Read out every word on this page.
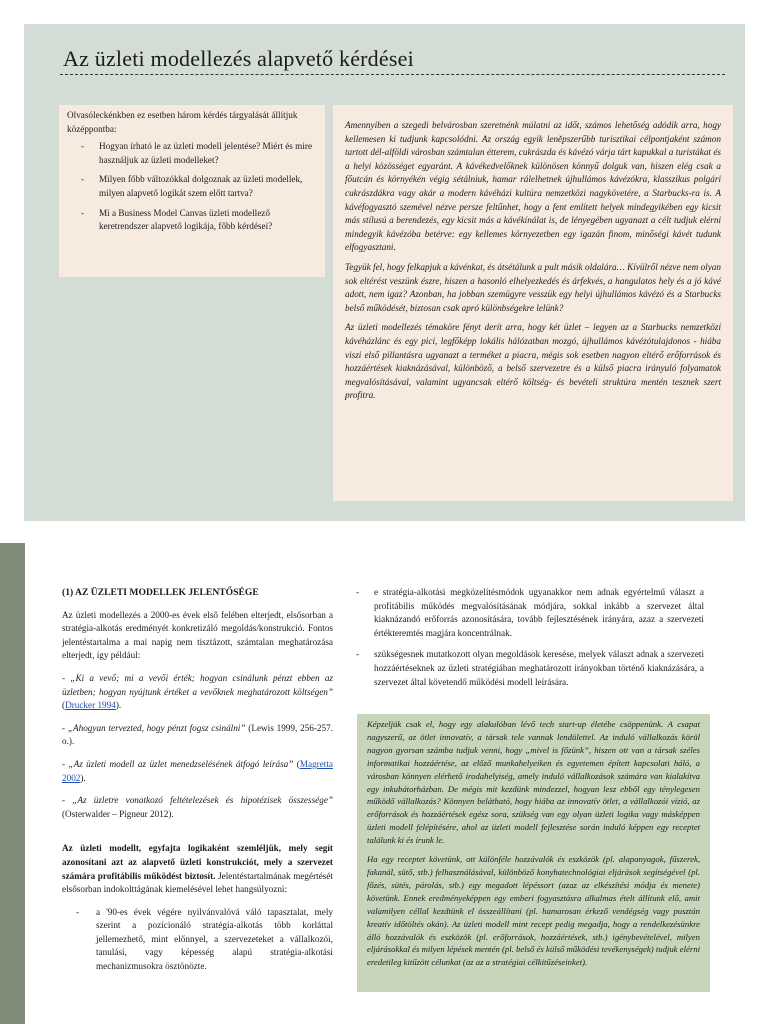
Az üzleti modellezés alapvető kérdései

Olvasóleckénkben ez esetben három kérdés tárgyalását állítjuk középpontba:

- Hogyan írható le az üzleti modell jelentése? Miért és mire használjuk az üzleti modelleket?
- Milyen főbb változókkal dolgoznak az üzleti modellek, milyen alapvető logikát szem előtt tartva?
- Mi a Business Model Canvas üzleti modellező keretrendszer alapvető logikája, főbb kérdései?

Amennyiben a szegedi belvárosban szeretnénk múlatni az időt, számos lehetőség adódik arra, hogy kellemesen ki tudjunk kapcsolódni. Az ország egyik leněpszerűbb turisztikai célpontjaként számon tartott dél-alföldi városban számtalan étterem, cukrászda és kávézó várja tárt kapukkal a turistákat és a helyi közösséget egyaránt. A kávékedvelőknek különösen könnyű dolguk van, hiszen elég csak a főutcán és környékén végig sétálniuk, hamar rálelhetnek újhullámos kávézókra, klasszikus polgári cukrászdákra vagy akár a modern kávéházi kultúra nemzetközi nagykövetére, a Starbucks-ra is. A kávéfogyasztó szemével nézve persze feltűnhet, hogy a fent említett helyek mindegyikében egy kicsit más stílusú a berendezés, egy kicsit más a kávékínálat is, de lényegében ugyanazt a célt tudjuk elérni mindegyik kávézóba betérve: egy kellemes környezetben egy igazán finom, minőségi kávét tudunk elfogyasztani.

Tegyük fel, hogy felkapjuk a kávénkat, és átsétálunk a pult másik oldalára… Kívülről nézve nem olyan sok eltérést veszünk észre, hiszen a hasonló elhelyezkedés és árfekvés, a hangulatos hely és a jó kávé adott, nem igaz? Azonban, ha jobban szemügyre vesszük egy helyi újhullámos kávézó és a Starbucks belső működését, biztosan csak apró különbségekre lelünk?

Az üzleti modellezés témaköre fényt derít arra, hogy két üzlet – legyen az a Starbucks nemzetközi kávéházlánc és egy pici, legfőképp lokális hálózatban mozgó, újhullámos kávézótulajdonos - hiába viszi első pillantásra ugyanazt a terméket a piacra, mégis sok esetben nagyon eltérő erőforrások és hozzáértések kiaknázásával, különböző, a belső szervezetre és a külső piacra irányuló folyamatok megvalósításával, valamint ugyancsak eltérő költség- és bevételi struktúra mentén tesznek szert profitra.

(1) AZ ÜZLETI MODELLEK JELENTŐSÉGE

Az üzleti modellezés a 2000-es évek első felében elterjedt, elsősorban a stratégia-alkotás eredményét konkretizáló megoldás/konstrukció. Fontos jelentéstartalma a mai napig nem tisztázott, számtalan meghatározása elterjedt, így például:

- „Ki a vevő; mi a vevői érték; hogyan csinálunk pénzt ebben az üzletben; hogyan nyújtunk értéket a vevőknek meghatározott költségen” (Drucker 1994).

- „Ahogyan tervezted, hogy pénzt fogsz csinálni” (Lewis 1999, 256-257. o.).

- „Az üzleti modell az üzlet menedzselésének átfogó leírása” (Magretta 2002).

- „Az üzletre vonatkozó feltételezések és hipotézisek összessége” (Osterwalder – Pigneur 2012).

Az üzleti modellt, egyfajta logikaként szemléljük, mely segít azonosítani azt az alapvető üzleti konstrukciót, mely a szervezet számára profitábilis működést biztosít. Jelentéstartalmának megértését elsősorban indokolttágának kiemelésével lehet hangsúlyozni:

- a '90-es évek végére nyilvánvalóvá váló tapasztalat, mely szerint a pozícionáló stratégia-alkotás több korláttal jellemezhető, mint előnnyel, a szervezeteket a vállalkozói, tanulási, vagy képesség alapú stratégia-alkotási mechanizmusokra ösztönözte.
- e stratégia-alkotási megközelítésmódok ugyanakkor nem adnak egyértelmű választ a profitábilis működés megvalósításának módjára, sokkal inkább a szervezet által kiaknázandó erőforrás azonosítására, tovább fejlesztésének irányára, azaz a szervezeti értékteremtés magjára koncentrálnak.
- szükségesnek mutatkozott olyan megoldások keresése, melyek választ adnak a szervezeti hozzáértéseknek az üzleti stratégiában meghatározott irányokban történő kiaknázására, a szervezet által követendő működési modell leírására.

Képzeljük csak el, hogy egy alakulóban lévő tech start-up életébe csöppenünk. A csapat nagyszerű, az ötlet innovatív, a társak tele vannak lendülettel. Az induló vállalkozás körül nagyon gyorsan számba tudjuk venni, hogy „mivel is főzünk”, hiszen ott van a társak széles informatikai hozzáértése, az előző munkahelyeiken és egyetemen épített kapcsolati háló, a városban könnyen elérhető irodahelyiség, amely induló vállalkozások számára van kialakítva egy inkubátorházban. De mégis mit kezdünk mindezzel, hogyan lesz ebből egy ténylegesen működő vállalkozás? Könnyen belátható, hogy hiába az innovatív ötlet, a vállalkozói vízió, az erőforrások és hozzáértések egész sora, szükség van egy olyan üzleti logika vagy másképpen üzleti modell felépítésére, ahol az üzleti modell fejlesztése során induló képpen egy receptet találunk ki és írunk le.

Ha egy receptet követünk, ott különféle hozzávalók és eszközök (pl. alapanyagok, fűszerek, fakanál, sütő, stb.) felhasználásával, különböző konyhatechnológiai eljárások segítségével (pl. főzés, sütés, párolás, stb.) egy megadott lépéssort (azaz az elkészítési módja és menete) követünk. Ennek eredményeképpen egy emberi fogyasztásra alkalmas ételt állítunk elő, amit valamilyen céllal kezdtünk el összeállítani (pl. hamarosan érkező vendégség vagy pusztán kreatív időtöltés okán). Az üzleti modell mint recept pedig megadja, hogy a rendelkezésünkre álló hozzávalók és eszközök (pl. erőforrások, hozzáértések, stb.) igénybevételével, milyen eljárásokkal és milyen lépések mentén (pl. belső és külső működési tevékenységek) tudjuk elérni eredetileg kitűzött célunkat (az az a stratégiai célkitűzéseinket).
